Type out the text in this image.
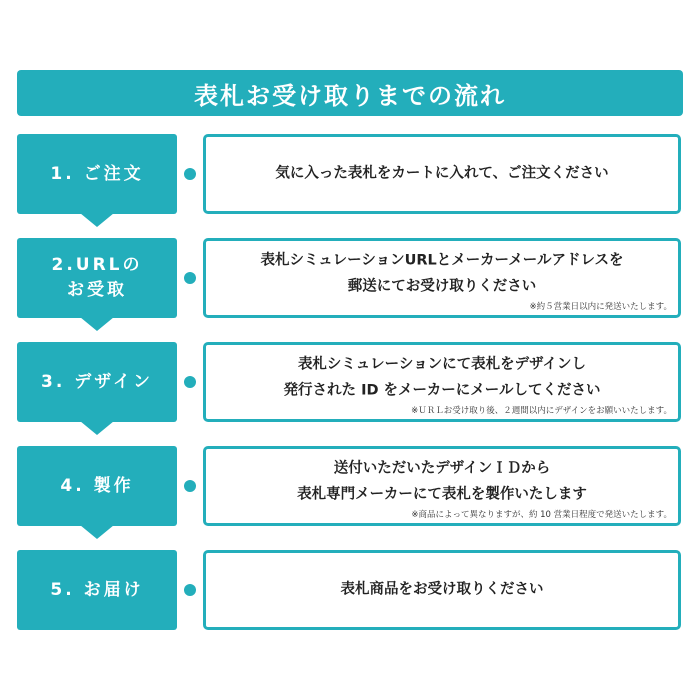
表札お受け取りまでの流れ
1. ご注文	気に入った表札をカートに入れて、ご注文ください
2.URLの
お受取
表札シミュレーションURLとメーカーメールアドレスを
郵送にてお受け取りください
※約５営業日以内に発送いたします。
3. デザイン
表札シミュレーションにて表札をデザインし
発行された ID をメーカーにメールしてください
※ＵＲＬお受け取り後、２週間以内にデザインをお願いいたします。
4. 製作
送付いただいたデザインＩＤから
表札専門メーカーにて表札を製作いたします
※商品によって異なりますが、約 10 営業日程度で発送いたします。
5. お届け	表札商品をお受け取りください
